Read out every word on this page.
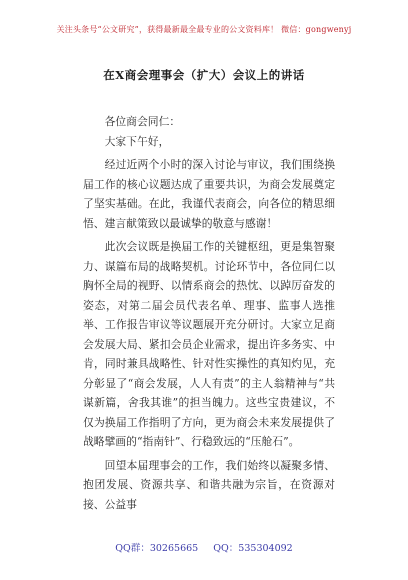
关注头条号“公文研究”，获得最新最全最专业的公文资料库！ 微信：gongwenyj
在X商会理事会（扩大）会议上的讲话

各位商会同仁：

大家下午好，

经过近两个小时的深入讨论与审议，我们围绕换届工作的核心议题达成了重要共识，为商会发展奠定了坚实基础。在此，我谨代表商会，向各位的精思细悟、建言献策致以最诚挚的敬意与感谢！

此次会议既是换届工作的关键枢纽，更是集智聚力、谋篇布局的战略契机。讨论环节中，各位同仁以胸怀全局的视野、以情系商会的热忱、以踔厉奋发的姿态，对第二届会员代表名单、理事、监事人选推举、工作报告审议等议题展开充分研讨。大家立足商会发展大局、紧扣会员企业需求，提出许多务实、中肯，同时兼具战略性、针对性实操性的真知灼见，充分彰显了“商会发展，人人有责”的主人翁精神与“共谋新篇，舍我其谁”的担当魄力。这些宝贵建议，不仅为换届工作指明了方向，更为商会未来发展提供了战略擘画的“指南针”、行稳致远的“压舱石”。

回望本届理事会的工作，我们始终以凝聚多情、抱团发展、资源共享、和谐共融为宗旨，在资源对接、公益事

QQ群：30265665 QQ：535304092
